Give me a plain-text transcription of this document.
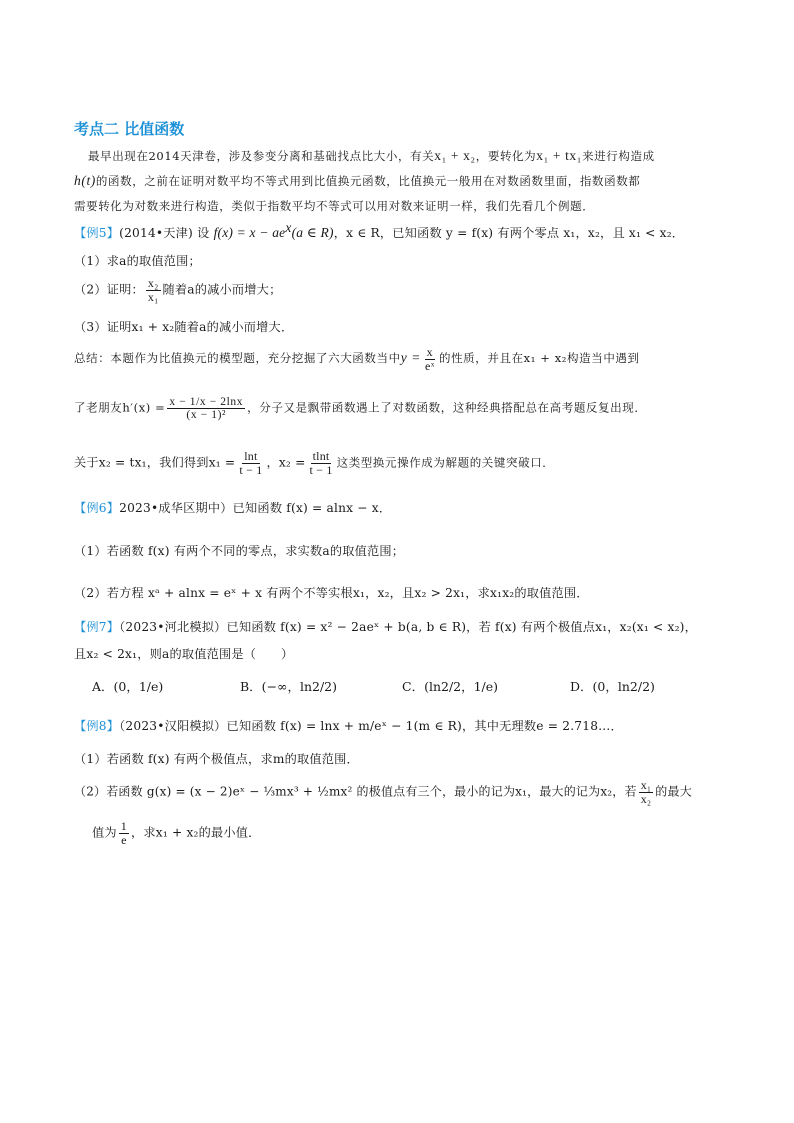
考点二 比值函数
最早出现在2014天津卷，涉及参变分离和基础找点比大小，有关x₁ + x₂，要转化为x₁ + tx₁来进行构造成
h(t)的函数，之前在证明对数平均不等式用到比值换元函数，比值换元一般用在对数函数里面，指数函数都
需要转化为对数来进行构造，类似于指数平均不等式可以用对数来证明一样，我们先看几个例题．
【例5】(2014•天津) 设 $f(x) = x - ae^x(a$ ∈ R)，x ∈ R，已知函数 y = f(x) 有两个零点 x₁，x₂，且 x₁ < x₂．
（1）求a的取值范围；
（2）证明： $\frac{\text{x₂}}{\text{x₁}}$ 随着a的减小而增大；
（3）证明x₁ + x₂随着a的减小而增大．
总结：本题作为比值换元的模型题，充分挖掘了六大函数当中$y = \frac{x}{\text{eˣ}}$ 的性质，并且在x₁ + x₂构造当中遇到
了老朋友$h'(x) = \frac{x - 1/x - 2\ln x}{\text{(x − 1)²}}$ ，分子又是飘带函数遇上了对数函数，这种经典搭配总在高考题反复出现．
关于x₂ = tx₁，我们得到$x_1 = \frac{\ln t}{t - 1}$ ，$x_2 = \frac{tlnt}{t - 1}$ 这类型换元操作成为解题的关键突破口．
【例6】2023•成华区期中）已知函数 f(x) = alnx − x．
（1）若函数 f(x) 有两个不同的零点，求实数a的取值范围；
（2）若方程 xᵃ + alnx = eˣ + x 有两个不等实根x₁，x₂，且x₂ > 2x₁，求x₁x₂的取值范围．
【例7】（2023•河北模拟）已知函数 f(x) = x² − 2aeˣ + b(a, b ∈ R)，若 f(x) 有两个极值点x₁，x₂(x₁ < x₂)，
且x₂ < 2x₁，则a的取值范围是（　　）
A．(0，1/e)	B．(−∞，ln2/2)	C．(ln2/2，1/e)	D．(0，ln2/2)
【例8】（2023•汉阳模拟）已知函数 f(x) = lnx + m/eˣ − 1(m ∈ R)，其中无理数e = 2.718…．
（1）若函数 f(x) 有两个极值点，求m的取值范围．
（2）若函数 g(x) = (x − 2)eˣ − ⅓mx³ + ½mx² 的极值点有三个，最小的记为x₁，最大的记为x₂，若 $\frac{\text{x₁}}{\text{x₂}}$ 的最大
值为 $\frac{1}{e}$ ，求x₁ + x₂的最小值．
